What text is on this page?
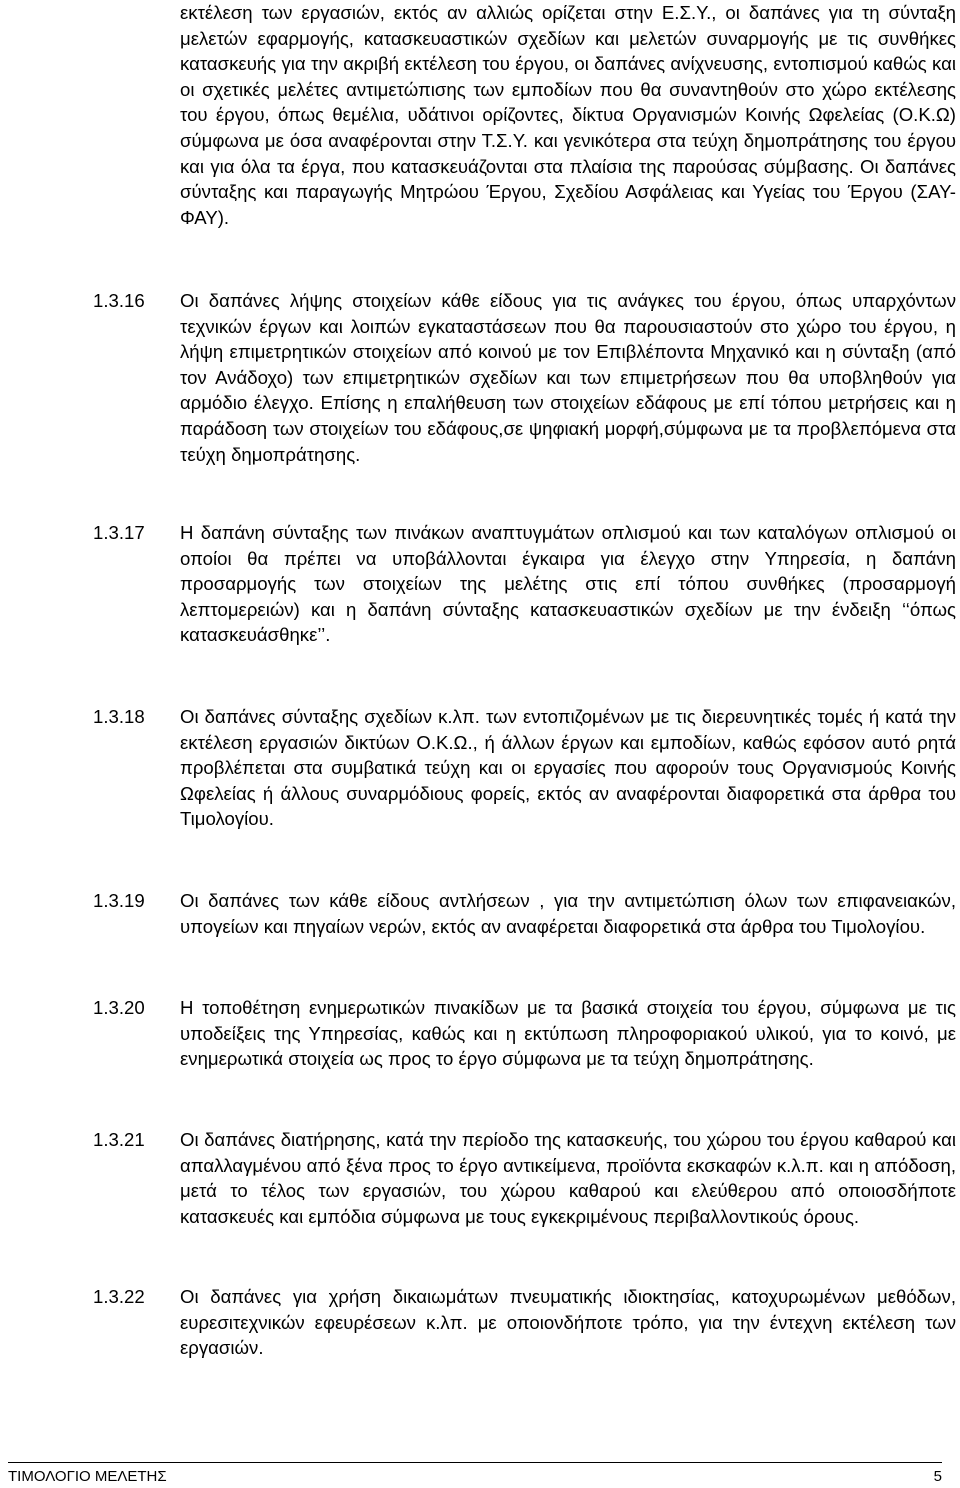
εκτέλεση των εργασιών, εκτός αν αλλιώς ορίζεται στην Ε.Σ.Υ., οι δαπάνες για τη σύνταξη μελετών εφαρμογής, κατασκευαστικών σχεδίων και μελετών συναρμογής με τις συνθήκες κατασκευής για την ακριβή εκτέλεση του έργου, οι δαπάνες ανίχνευσης, εντοπισμού καθώς και οι σχετικές μελέτες αντιμετώπισης των εμποδίων που θα συναντηθούν στο χώρο εκτέλεσης του έργου, όπως θεμέλια, υδάτινοι ορίζοντες, δίκτυα Οργανισμών Κοινής Ωφελείας (Ο.Κ.Ω) σύμφωνα με όσα αναφέρονται στην Τ.Σ.Υ. και γενικότερα στα τεύχη δημοπράτησης του έργου και για όλα τα έργα, που κατασκευάζονται στα πλαίσια της παρούσας σύμβασης. Οι δαπάνες σύνταξης και παραγωγής Μητρώου Έργου, Σχεδίου Ασφάλειας και Υγείας του Έργου (ΣΑΥ-ΦΑΥ).

1.3.16 Οι δαπάνες λήψης στοιχείων κάθε είδους για τις ανάγκες του έργου, όπως υπαρχόντων τεχνικών έργων και λοιπών εγκαταστάσεων που θα παρουσιαστούν στο χώρο του έργου, η λήψη επιμετρητικών στοιχείων από κοινού με τον Επιβλέποντα Μηχανικό και η σύνταξη (από τον Ανάδοχο) των επιμετρητικών σχεδίων και των επιμετρήσεων που θα υποβληθούν για αρμόδιο έλεγχο. Επίσης η επαλήθευση των στοιχείων εδάφους με επί τόπου μετρήσεις και η παράδοση των στοιχείων του εδάφους,σε ψηφιακή μορφή,σύμφωνα με τα προβλεπόμενα στα τεύχη δημοπράτησης.

1.3.17 Η δαπάνη σύνταξης των πινάκων αναπτυγμάτων οπλισμού και των καταλόγων οπλισμού οι οποίοι θα πρέπει να υποβάλλονται έγκαιρα για έλεγχο στην Υπηρεσία, η δαπάνη προσαρμογής των στοιχείων της μελέτης στις επί τόπου συνθήκες (προσαρμογή λεπτομερειών) και η δαπάνη σύνταξης κατασκευαστικών σχεδίων με την ένδειξη ‘‘όπως κατασκευάσθηκε’’.

1.3.18 Οι δαπάνες σύνταξης σχεδίων κ.λπ. των εντοπιζομένων με τις διερευνητικές τομές ή κατά την εκτέλεση εργασιών δικτύων Ο.Κ.Ω., ή άλλων έργων και εμποδίων, καθώς εφόσον αυτό ρητά προβλέπεται στα συμβατικά τεύχη και οι εργασίες που αφορούν τους Οργανισμούς Κοινής Ωφελείας ή άλλους συναρμόδιους φορείς, εκτός αν αναφέρονται διαφορετικά στα άρθρα του Τιμολογίου.

1.3.19 Οι δαπάνες των κάθε είδους αντλήσεων , για την αντιμετώπιση όλων των επιφανειακών, υπογείων και πηγαίων νερών, εκτός αν αναφέρεται διαφορετικά στα άρθρα του Τιμολογίου.

1.3.20 Η τοποθέτηση ενημερωτικών πινακίδων με τα βασικά στοιχεία του έργου, σύμφωνα με τις υποδείξεις της Υπηρεσίας, καθώς και η εκτύπωση πληροφοριακού υλικού, για το κοινό, με ενημερωτικά στοιχεία ως προς το έργο σύμφωνα με τα τεύχη δημοπράτησης.

1.3.21 Οι δαπάνες διατήρησης, κατά την περίοδο της κατασκευής, του χώρου του έργου καθαρού και απαλλαγμένου από ξένα προς το έργο αντικείμενα, προϊόντα εκσκαφών κ.λ.π. και η απόδοση, μετά το τέλος των εργασιών, του χώρου καθαρού και ελεύθερου από οποιοσδήποτε κατασκευές και εμπόδια σύμφωνα με τους εγκεκριμένους περιβαλλοντικούς όρους.

1.3.22 Οι δαπάνες για χρήση δικαιωμάτων πνευματικής ιδιοκτησίας, κατοχυρωμένων μεθόδων, ευρεσιτεχνικών εφευρέσεων κ.λπ. με οποιονδήποτε τρόπο, για την έντεχνη εκτέλεση των εργασιών.

ΤΙΜΟΛΟΓΙΟ ΜΕΛΕΤΗΣ	5
